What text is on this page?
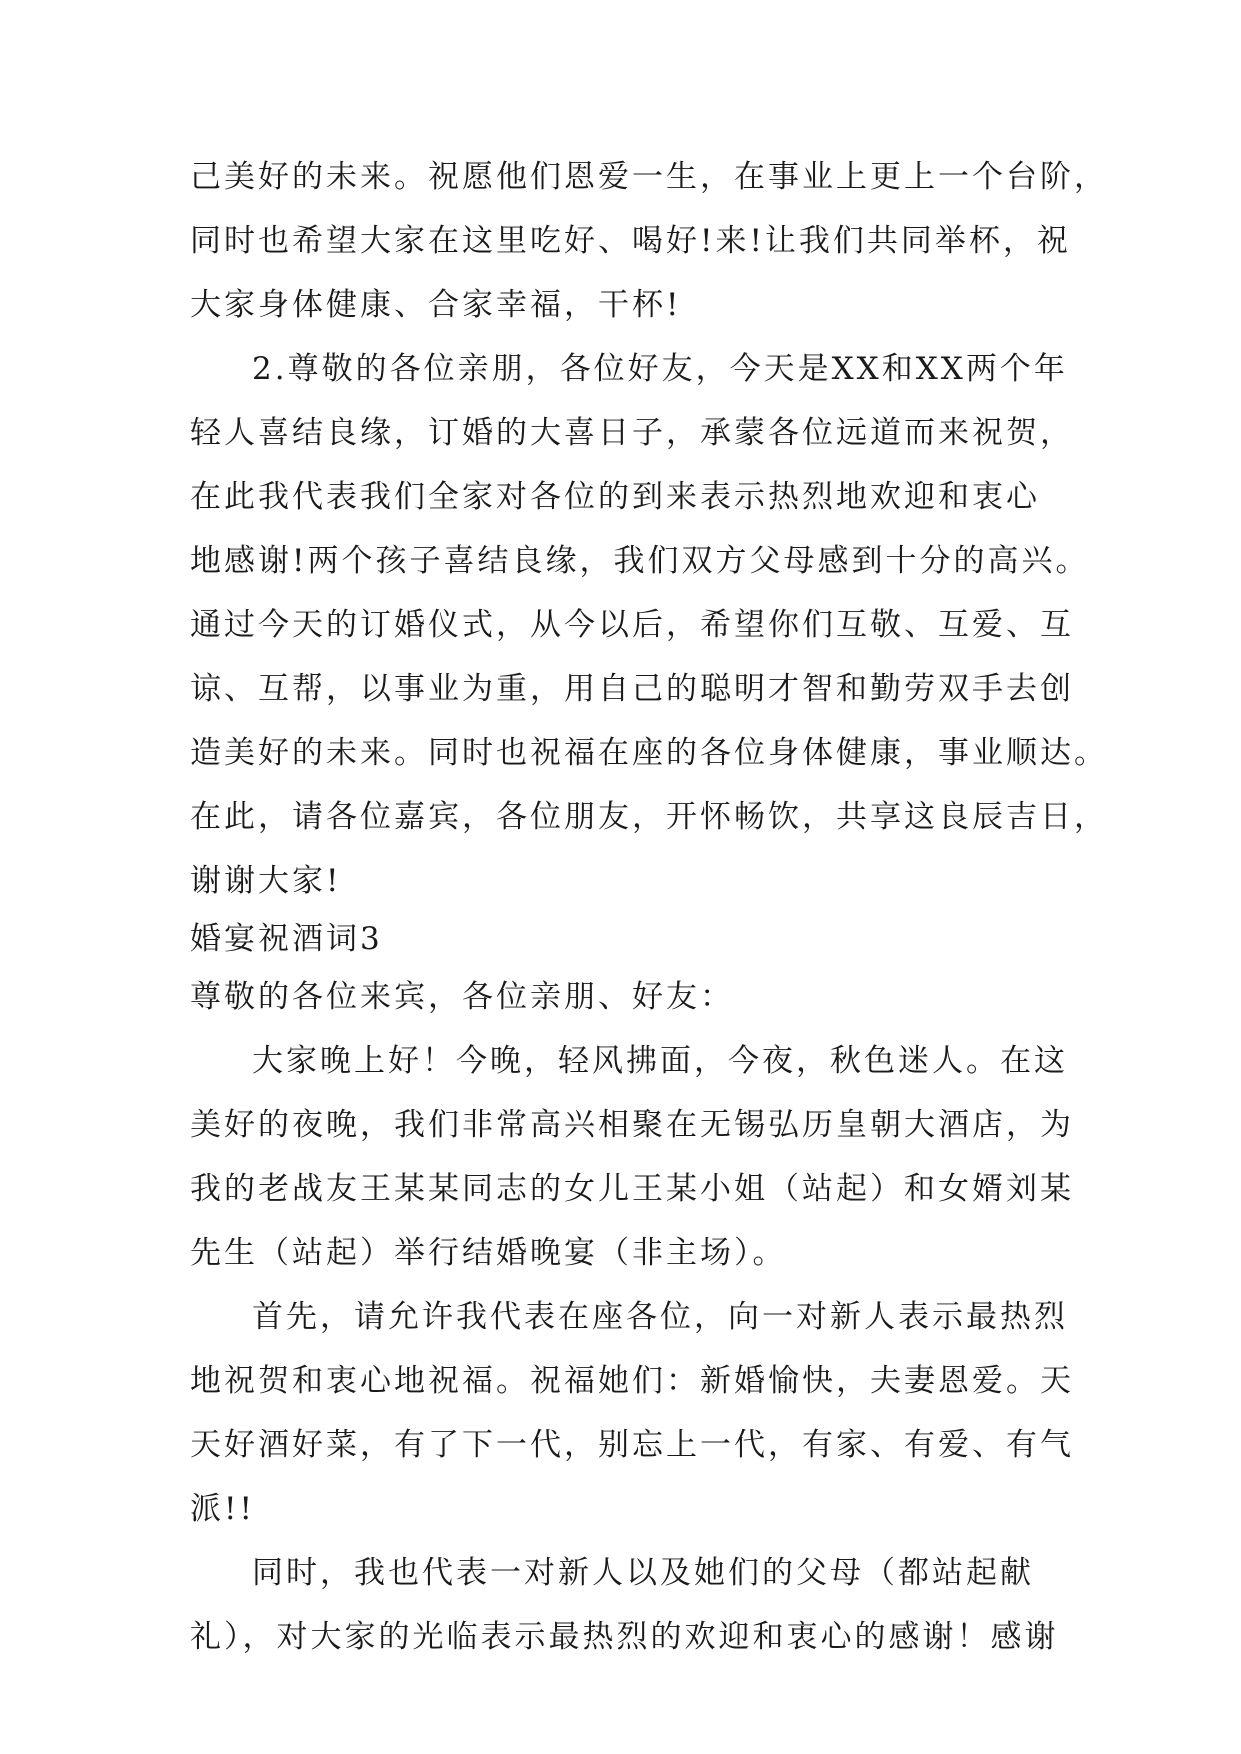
己美好的未来。祝愿他们恩爱一生，在事业上更上一个台阶，
同时也希望大家在这里吃好、喝好!来!让我们共同举杯，祝
大家身体健康、合家幸福，干杯!
2.尊敬的各位亲朋，各位好友，今天是XX和XX两个年
轻人喜结良缘，订婚的大喜日子，承蒙各位远道而来祝贺，
在此我代表我们全家对各位的到来表示热烈地欢迎和衷心
地感谢!两个孩子喜结良缘，我们双方父母感到十分的高兴。
通过今天的订婚仪式，从今以后，希望你们互敬、互爱、互
谅、互帮，以事业为重，用自己的聪明才智和勤劳双手去创
造美好的未来。同时也祝福在座的各位身体健康，事业顺达。
在此，请各位嘉宾，各位朋友，开怀畅饮，共享这良辰吉日，
谢谢大家!
婚宴祝酒词3
尊敬的各位来宾，各位亲朋、好友：
大家晚上好！今晚，轻风拂面，今夜，秋色迷人。在这
美好的夜晚，我们非常高兴相聚在无锡弘历皇朝大酒店，为
我的老战友王某某同志的女儿王某小姐（站起）和女婿刘某
先生（站起）举行结婚晚宴（非主场）。
首先，请允许我代表在座各位，向一对新人表示最热烈
地祝贺和衷心地祝福。祝福她们：新婚愉快，夫妻恩爱。天
天好酒好菜，有了下一代，别忘上一代，有家、有爱、有气
派!!
同时，我也代表一对新人以及她们的父母（都站起献
礼），对大家的光临表示最热烈的欢迎和衷心的感谢！感谢
